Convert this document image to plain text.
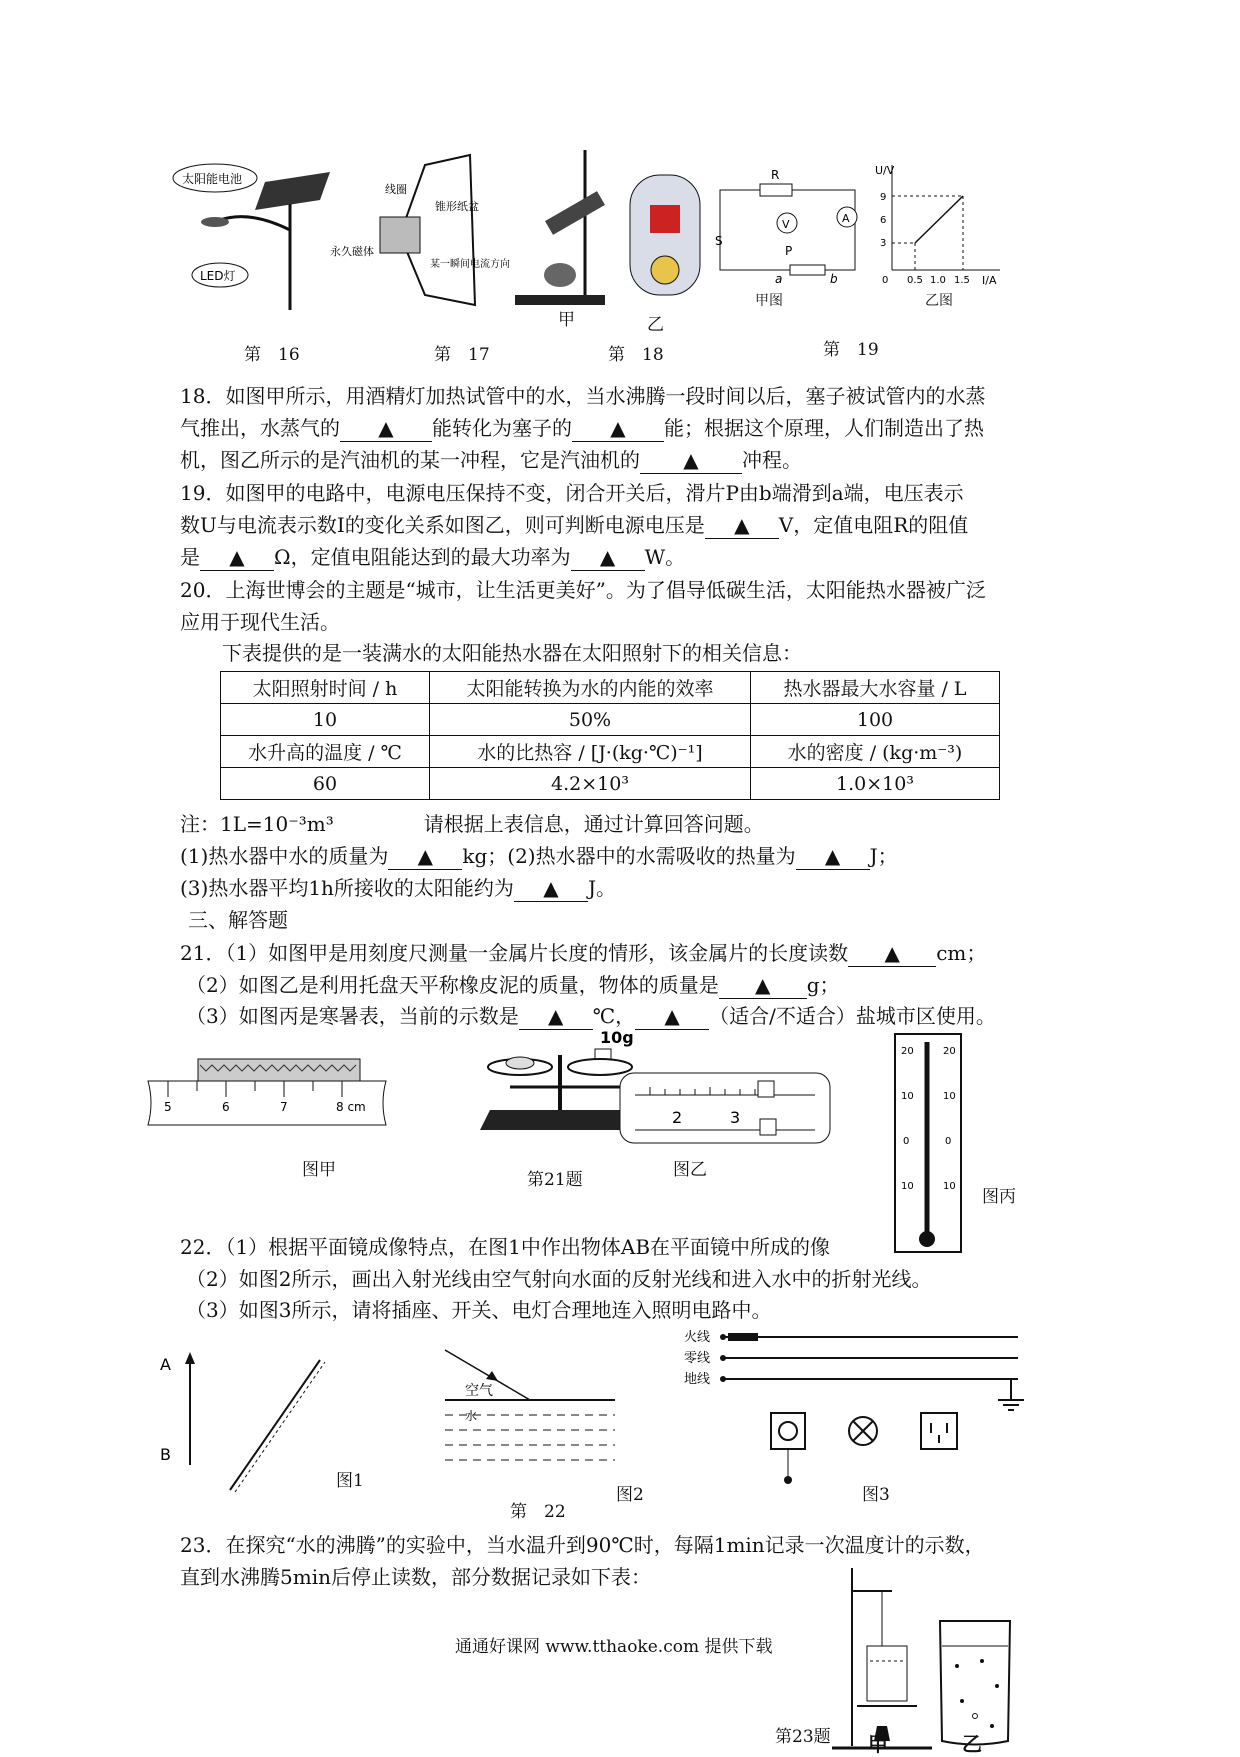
太阳能电池
LED灯
第　16
线圈
锥形纸盆
永久磁体
某一瞬间电流方向
第　17
甲	乙
第　18
R
V	A
S
P
a	b
甲图
U/V
I/A
9
6
3
0 0.5 1.0 1.5
乙图
第　19
18．如图甲所示，用酒精灯加热试管中的水，当水沸腾一段时间以后，塞子被试管内的水蒸
气推出，水蒸气的 ▲ 能转化为塞子的 ▲ 能；根据这个原理，人们制造出了热
机，图乙所示的是汽油机的某一冲程，它是汽油机的 ▲ 冲程。
19．如图甲的电路中，电源电压保持不变，闭合开关后，滑片P由b端滑到a端，电压表示
数U与电流表示数I的变化关系如图乙，则可判断电源电压是 ▲ V，定值电阻R的阻值
是 ▲ Ω，定值电阻能达到的最大功率为 ▲ W。
20．上海世博会的主题是“城市，让生活更美好”。为了倡导低碳生活，太阳能热水器被广泛
应用于现代生活。
下表提供的是一装满水的太阳能热水器在太阳照射下的相关信息：
太阳照射时间 / h	太阳能转换为水的内能的效率	热水器最大水容量 / L
10	50%	100
水升高的温度 / ℃	水的比热容 / [J·(kg·℃)⁻¹]	水的密度 / (kg·m⁻³)
60	4.2×10³	1.0×10³
注：1L=10⁻³m³	请根据上表信息，通过计算回答问题。
(1)热水器中水的质量为 ▲ kg；(2)热水器中的水需吸收的热量为 ▲ J；
(3)热水器平均1h所接收的太阳能约为 ▲ J。
三、解答题
21．（1）如图甲是用刻度尺测量一金属片长度的情形，该金属片的长度读数 ▲ cm；
（2）如图乙是利用托盘天平称橡皮泥的质量，物体的质量是 ▲ g；
（3）如图丙是寒暑表，当前的示数是 ▲ ℃， ▲ （适合/不适合）盐城市区使用。
5	6	7	8 cm
图甲
10g
2	3
第21题	图乙
20	20
10	10
0	0
10	10
图丙
22．（1）根据平面镜成像特点，在图1中作出物体AB在平面镜中所成的像
（2）如图2所示，画出入射光线由空气射向水面的反射光线和进入水中的折射光线。
（3）如图3所示，请将插座、开关、电灯合理地连入照明电路中。
A
B
图1
空气
水
第　22
图2
火线
零线
地线
图3
23．在探究“水的沸腾”的实验中，当水温升到90℃时，每隔1min记录一次温度计的示数，
直到水沸腾5min后停止读数，部分数据记录如下表：
第23题 甲	乙
通通好课网 www.tthaoke.com 提供下载
